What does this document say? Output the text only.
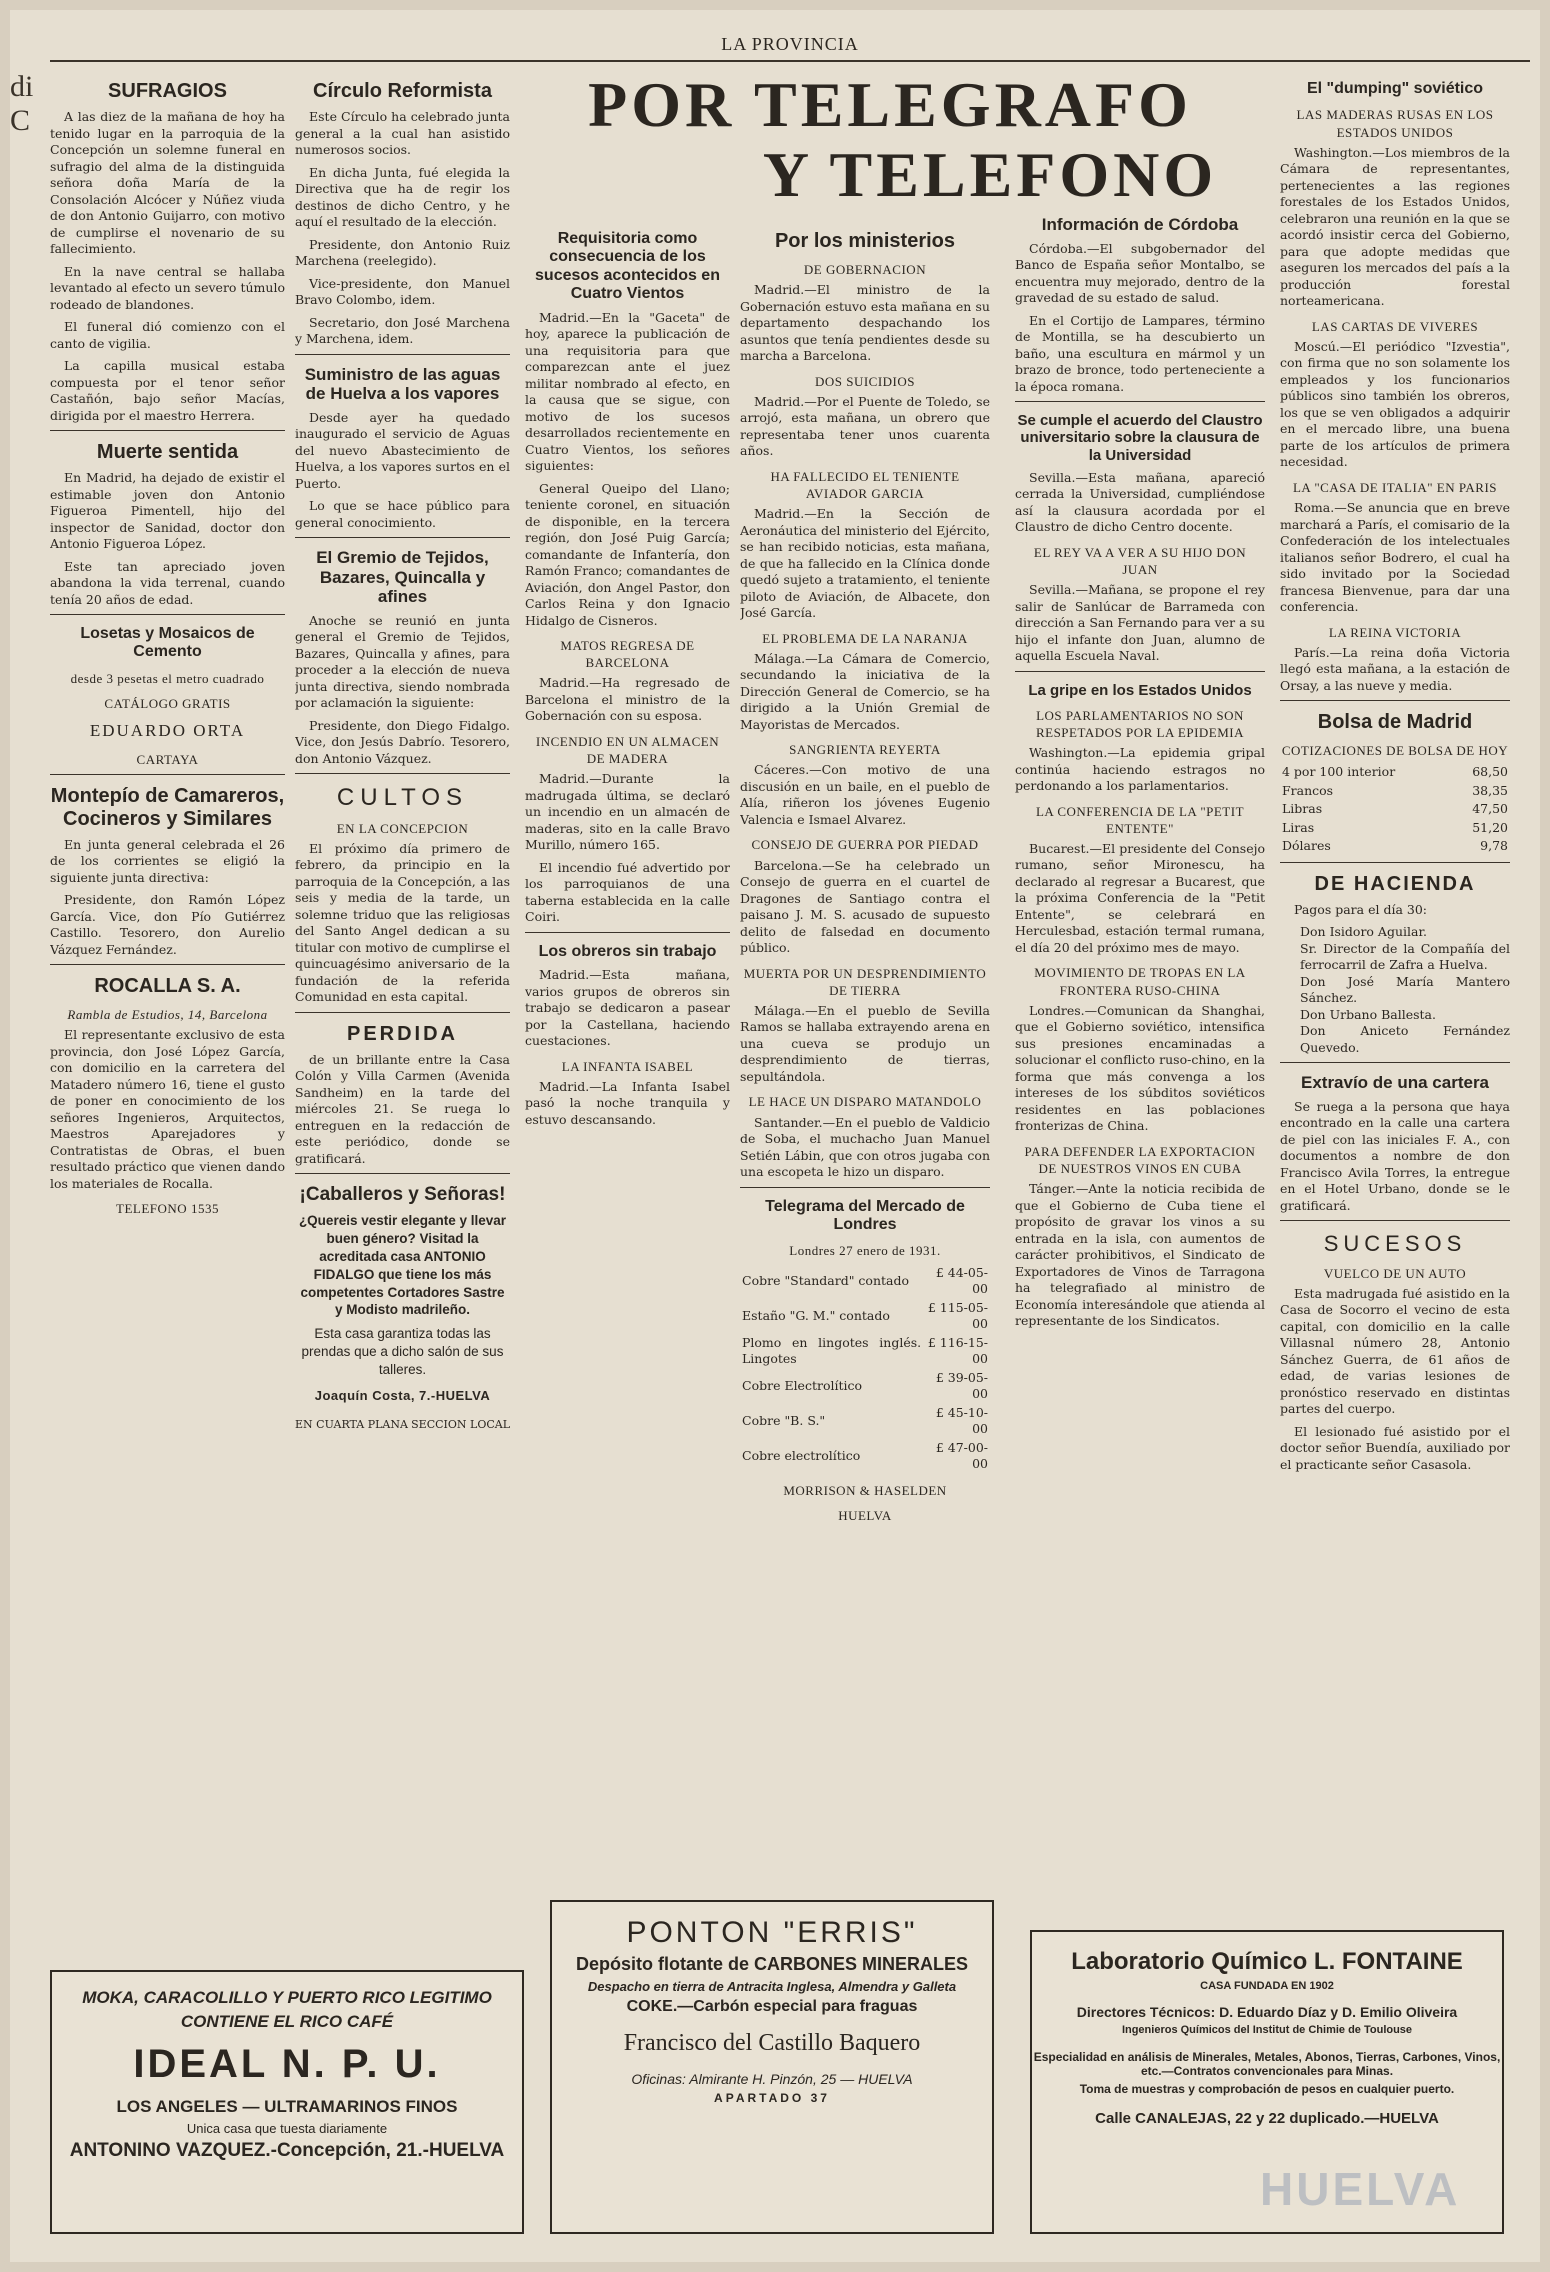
di
C
LA PROVINCIA
SUFRAGIOS

A las diez de la mañana de hoy ha tenido lugar en la parroquia de la Concepción un solemne funeral en sufragio del alma de la distinguida señora doña María de la Consolación Alcócer y Núñez viuda de don Antonio Guijarro, con motivo de cumplirse el novenario de su fallecimiento.

En la nave central se hallaba levantado al efecto un severo túmulo rodeado de blandones.

El funeral dió comienzo con el canto de vigilia.

La capilla musical estaba compuesta por el tenor señor Castañón, bajo señor Macías, dirigida por el maestro Herrera.

Muerte sentida

En Madrid, ha dejado de existir el estimable joven don Antonio Figueroa Pimentell, hijo del inspector de Sanidad, doctor don Antonio Figueroa López.

Este tan apreciado joven abandona la vida terrenal, cuando tenía 20 años de edad.

Losetas y Mosaicos de Cemento
desde 3 pesetas el metro cuadrado
CATÁLOGO GRATIS
EDUARDO ORTA
CARTAYA
Montepío de Camareros, Cocineros y Similares

En junta general celebrada el 26 de los corrientes se eligió la siguiente junta directiva:

Presidente, don Ramón López García. Vice, don Pío Gutiérrez Castillo. Tesorero, don Aurelio Vázquez Fernández.

ROCALLA S. A.
Rambla de Estudios, 14, Barcelona

El representante exclusivo de esta provincia, don José López García, con domicilio en la carretera del Matadero número 16, tiene el gusto de poner en conocimiento de los señores Ingenieros, Arquitectos, Maestros Aparejadores y Contratistas de Obras, el buen resultado práctico que vienen dando los materiales de Rocalla.

TELEFONO 1535
Círculo Reformista

Este Círculo ha celebrado junta general a la cual han asistido numerosos socios.

En dicha Junta, fué elegida la Directiva que ha de regir los destinos de dicho Centro, y he aquí el resultado de la elección.

Presidente, don Antonio Ruiz Marchena (reelegido).

Vice-presidente, don Manuel Bravo Colombo, idem.

Secretario, don José Marchena y Marchena, idem.

Suministro de las aguas de Huelva a los vapores

Desde ayer ha quedado inaugurado el servicio de Aguas del nuevo Abastecimiento de Huelva, a los vapores surtos en el Puerto.

Lo que se hace público para general conocimiento.

El Gremio de Tejidos, Bazares, Quincalla y afines

Anoche se reunió en junta general el Gremio de Tejidos, Bazares, Quincalla y afines, para proceder a la elección de nueva junta directiva, siendo nombrada por aclamación la siguiente:

Presidente, don Diego Fidalgo. Vice, don Jesús Dabrío. Tesorero, don Antonio Vázquez.

CULTOS
EN LA CONCEPCION

El próximo día primero de febrero, da principio en la parroquia de la Concepción, a las seis y media de la tarde, un solemne triduo que las religiosas del Santo Angel dedican a su titular con motivo de cumplirse el quincuagésimo aniversario de la fundación de la referida Comunidad en esta capital.

PERDIDA

de un brillante entre la Casa Colón y Villa Carmen (Avenida Sandheim) en la tarde del miércoles 21. Se ruega lo entreguen en la redacción de este periódico, donde se gratificará.

¡Caballeros y Señoras!

¿Quereis vestir elegante y llevar buen género? Visitad la acreditada casa ANTONIO FIDALGO que tiene los más competentes Cortadores Sastre y Modisto madrileño.

Esta casa garantiza todas las prendas que a dicho salón de sus talleres.

Joaquín Costa, 7.-HUELVA
EN CUARTA PLANA SECCION LOCAL
POR TELEGRAFO
Y TELEFONO
Requisitoria como consecuencia de los sucesos acontecidos en Cuatro Vientos

Madrid.—En la "Gaceta" de hoy, aparece la publicación de una requisitoria para que comparezcan ante el juez militar nombrado al efecto, en la causa que se sigue, con motivo de los sucesos desarrollados recientemente en Cuatro Vientos, los señores siguientes:

General Queipo del Llano; teniente coronel, en situación de disponible, en la tercera región, don José Puig García; comandante de Infantería, don Ramón Franco; comandantes de Aviación, don Angel Pastor, don Carlos Reina y don Ignacio Hidalgo de Cisneros.

MATOS REGRESA DE BARCELONA

Madrid.—Ha regresado de Barcelona el ministro de la Gobernación con su esposa.

INCENDIO EN UN ALMACEN DE MADERA

Madrid.—Durante la madrugada última, se declaró un incendio en un almacén de maderas, sito en la calle Bravo Murillo, número 165.

El incendio fué advertido por los parroquianos de una taberna establecida en la calle Coiri.

Los obreros sin trabajo

Madrid.—Esta mañana, varios grupos de obreros sin trabajo se dedicaron a pasear por la Castellana, haciendo cuestaciones.

LA INFANTA ISABEL

Madrid.—La Infanta Isabel pasó la noche tranquila y estuvo descansando.

Por los ministerios
DE GOBERNACION

Madrid.—El ministro de la Gobernación estuvo esta mañana en su departamento despachando los asuntos que tenía pendientes desde su marcha a Barcelona.

DOS SUICIDIOS

Madrid.—Por el Puente de Toledo, se arrojó, esta mañana, un obrero que representaba tener unos cuarenta años.

HA FALLECIDO EL TENIENTE AVIADOR GARCIA

Madrid.—En la Sección de Aeronáutica del ministerio del Ejército, se han recibido noticias, esta mañana, de que ha fallecido en la Clínica donde quedó sujeto a tratamiento, el teniente piloto de Aviación, de Albacete, don José García.

EL PROBLEMA DE LA NARANJA

Málaga.—La Cámara de Comercio, secundando la iniciativa de la Dirección General de Comercio, se ha dirigido a la Unión Gremial de Mayoristas de Mercados.

SANGRIENTA REYERTA

Cáceres.—Con motivo de una discusión en un baile, en el pueblo de Alía, riñeron los jóvenes Eugenio Valencia e Ismael Alvarez.

CONSEJO DE GUERRA POR PIEDAD

Barcelona.—Se ha celebrado un Consejo de guerra en el cuartel de Dragones de Santiago contra el paisano J. M. S. acusado de supuesto delito de falsedad en documento público.

MUERTA POR UN DESPRENDIMIENTO DE TIERRA

Málaga.—En el pueblo de Sevilla Ramos se hallaba extrayendo arena en una cueva se produjo un desprendimiento de tierras, sepultándola.

LE HACE UN DISPARO MATANDOLO

Santander.—En el pueblo de Valdicio de Soba, el muchacho Juan Manuel Setién Lábin, que con otros jugaba con una escopeta le hizo un disparo.

Telegrama del Mercado de Londres
Londres 27 enero de 1931.
Cobre "Standard" contado	£ 44-05-00
Estaño "G. M." contado	£ 115-05-00
Plomo en lingotes inglés. Lingotes	£ 116-15-00
Cobre Electrolítico	£ 39-05-00
Cobre "B. S."	£ 45-10-00
Cobre electrolítico	£ 47-00-00
MORRISON & HASELDEN
HUELVA
Información de Córdoba

Córdoba.—El subgobernador del Banco de España señor Montalbo, se encuentra muy mejorado, dentro de la gravedad de su estado de salud.

En el Cortijo de Lampares, término de Montilla, se ha descubierto un baño, una escultura en mármol y un brazo de bronce, todo perteneciente a la época romana.

Se cumple el acuerdo del Claustro universitario sobre la clausura de la Universidad

Sevilla.—Esta mañana, apareció cerrada la Universidad, cumpliéndose así la clausura acordada por el Claustro de dicho Centro docente.

EL REY VA A VER A SU HIJO DON JUAN

Sevilla.—Mañana, se propone el rey salir de Sanlúcar de Barrameda con dirección a San Fernando para ver a su hijo el infante don Juan, alumno de aquella Escuela Naval.

La gripe en los Estados Unidos
LOS PARLAMENTARIOS NO SON RESPETADOS POR LA EPIDEMIA

Washington.—La epidemia gripal continúa haciendo estragos no perdonando a los parlamentarios.

LA CONFERENCIA DE LA "PETIT ENTENTE"

Bucarest.—El presidente del Consejo rumano, señor Mironescu, ha declarado al regresar a Bucarest, que la próxima Conferencia de la "Petit Entente", se celebrará en Herculesbad, estación termal rumana, el día 20 del próximo mes de mayo.

MOVIMIENTO DE TROPAS EN LA FRONTERA RUSO-CHINA

Londres.—Comunican da Shanghai, que el Gobierno soviético, intensifica sus presiones encaminadas a solucionar el conflicto ruso-chino, en la forma que más convenga a los intereses de los súbditos soviéticos residentes en las poblaciones fronterizas de China.

PARA DEFENDER LA EXPORTACION DE NUESTROS VINOS EN CUBA

Tánger.—Ante la noticia recibida de que el Gobierno de Cuba tiene el propósito de gravar los vinos a su entrada en la isla, con aumentos de carácter prohibitivos, el Sindicato de Exportadores de Vinos de Tarragona ha telegrafiado al ministro de Economía interesándole que atienda al representante de los Sindicatos.

El "dumping" soviético
LAS MADERAS RUSAS EN LOS ESTADOS UNIDOS

Washington.—Los miembros de la Cámara de representantes, pertenecientes a las regiones forestales de los Estados Unidos, celebraron una reunión en la que se acordó insistir cerca del Gobierno, para que adopte medidas que aseguren los mercados del país a la producción forestal norteamericana.

LAS CARTAS DE VIVERES

Moscú.—El periódico "Izvestia", con firma que no son solamente los empleados y los funcionarios públicos sino también los obreros, los que se ven obligados a adquirir en el mercado libre, una buena parte de los artículos de primera necesidad.

LA "CASA DE ITALIA" EN PARIS

Roma.—Se anuncia que en breve marchará a París, el comisario de la Confederación de los intelectuales italianos señor Bodrero, el cual ha sido invitado por la Sociedad francesa Bienvenue, para dar una conferencia.

LA REINA VICTORIA

París.—La reina doña Victoria llegó esta mañana, a la estación de Orsay, a las nueve y media.

Bolsa de Madrid
COTIZACIONES DE BOLSA DE HOY
4 por 100 interior	68,50
Francos	38,35
Libras	47,50
Liras	51,20
Dólares	9,78
DE HACIENDA

Pagos para el día 30:

Don Isidoro Aguilar.
Sr. Director de la Compañía del ferrocarril de Zafra a Huelva.
Don José María Mantero Sánchez.
Don Urbano Ballesta.
Don Aniceto Fernández Quevedo.
Extravío de una cartera

Se ruega a la persona que haya encontrado en la calle una cartera de piel con las iniciales F. A., con documentos a nombre de don Francisco Avila Torres, la entregue en el Hotel Urbano, donde se le gratificará.

SUCESOS
VUELCO DE UN AUTO

Esta madrugada fué asistido en la Casa de Socorro el vecino de esta capital, con domicilio en la calle Villasnal número 28, Antonio Sánchez Guerra, de 61 años de edad, de varias lesiones de pronóstico reservado en distintas partes del cuerpo.

El lesionado fué asistido por el doctor señor Buendía, auxiliado por el practicante señor Casasola.

MOKA, CARACOLILLO Y PUERTO RICO LEGITIMO
CONTIENE EL RICO CAFÉ
IDEAL N. P. U.
LOS ANGELES — ULTRAMARINOS FINOS
Unica casa que tuesta diariamente
ANTONINO VAZQUEZ.-Concepción, 21.-HUELVA
PONTON "ERRIS"
Depósito flotante de CARBONES MINERALES
Despacho en tierra de Antracita Inglesa, Almendra y Galleta
COKE.—Carbón especial para fraguas
Francisco del Castillo Baquero
Oficinas: Almirante H. Pinzón, 25 — HUELVA
APARTADO 37
Laboratorio Químico L. FONTAINE
CASA FUNDADA EN 1902
Directores Técnicos: D. Eduardo Díaz y D. Emilio Oliveira
Ingenieros Químicos del Institut de Chimie de Toulouse
Especialidad en análisis de Minerales, Metales, Abonos, Tierras, Carbones, Vinos, etc.—Contratos convencionales para Minas.
Toma de muestras y comprobación de pesos en cualquier puerto.
Calle CANALEJAS, 22 y 22 duplicado.—HUELVA
HUELVA
